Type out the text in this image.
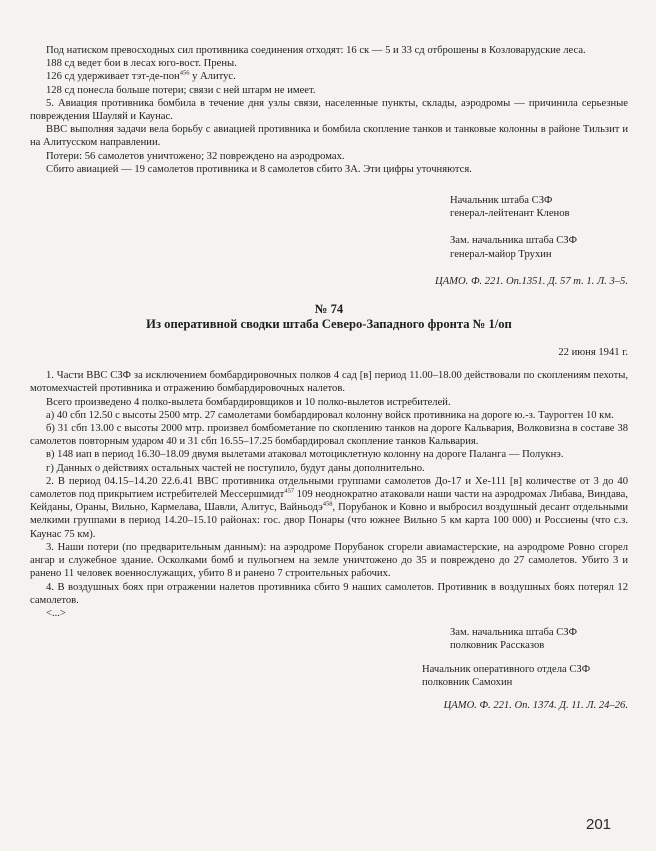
Под натиском превосходных сил противника соединения отходят: 16 ск — 5 и 33 сд отброшены в Козловарудские леса.

188 сд ведет бои в лесах юго-вост. Прены.

126 сд удерживает тэт-де-пон$^{456}$ у Алитус.

128 сд понесла больше потери; связи с ней штарм не имеет.

5. Авиация противника бомбила в течение дня узлы связи, населенные пункты, склады, аэродромы — причинила серьезные повреждения Шауляй и Каунас.

ВВС выполняя задачи вела борьбу с авиацией противника и бомбила скопление танков и танковые колонны в районе Тильзит и на Алитусском направлении.

Потери: 56 самолетов уничтожено; 32 повреждено на аэродромах.

Сбито авиацией — 19 самолетов противника и 8 самолетов сбито ЗА. Эти цифры уточняются.

Начальник штаба СЗФ

генерал-лейтенант Кленов

Зам. начальника штаба СЗФ

генерал-майор Трухин

ЦАМО. Ф. 221. Оп.1351. Д. 57 т. 1. Л. 3–5.

№ 74

Из оперативной сводки штаба Северо-Западного фронта № 1/оп

22 июня 1941 г.

1. Части ВВС СЗФ за исключением бомбардировочных полков 4 сад [в] период 11.00–18.00 действовали по скоплениям пехоты, мотомехчастей противника и отражению бомбардировочных налетов.

Всего произведено 4 полко-вылета бомбардировщиков и 10 полко-вылетов истребителей.

а) 40 сбп 12.50 с высоты 2500 мтр. 27 самолетами бомбардировал колонну войск противника на дороге ю.-з. Таурогген 10 км.

б) 31 сбп 13.00 с высоты 2000 мтр. произвел бомбометание по скоплению танков на дороге Кальвария, Волковизна в составе 38 самолетов повторным ударом 40 и 31 сбп 16.55–17.25 бомбардировал скопление танков Кальвария.

в) 148 иап в период 16.30–18.09 двумя вылетами атаковал мотоциклетную колонну на дороге Паланга — Полукнэ.

г) Данных о действиях остальных частей не поступило, будут даны дополнительно.

2. В период 04.15–14.20 22.6.41 ВВС противника отдельными группами самолетов До-17 и Хе-111 [в] количестве от 3 до 40 самолетов под прикрытием истребителей Мессершмидт$^{457}$ 109 неоднократно атаковали наши части на аэродромах Либава, Виндава, Кейданы, Ораны, Вильно, Кармелава, Шавли, Алитус, Вайньодэ$^{458}$, Порубанок и Ковно и выбросил воздушный десант отдельными мелкими группами в период 14.20–15.10 районах: гос. двор Понары (что южнее Вильно 5 км карта 100 000) и Россиены (что с.з. Каунас 75 км).

3. Наши потери (по предварительным данным): на аэродроме Порубанок сгорели авиамастерские, на аэродроме Ровно сгорел ангар и служебное здание. Осколками бомб и пульогнем на земле уничтожено до 35 и повреждено до 27 самолетов. Убито 3 и ранено 11 человек военнослужащих, убито 8 и ранено 7 строительных рабочих.

4. В воздушных боях при отражении налетов противника сбито 9 наших самолетов. Противник в воздушных боях потерял 12 самолетов.

<...>

Зам. начальника штаба СЗФ

полковник Рассказов

Начальник оперативного отдела СЗФ

полковник Самохин

ЦАМО. Ф. 221. Оп. 1374. Д. 11. Л. 24–26.

201
